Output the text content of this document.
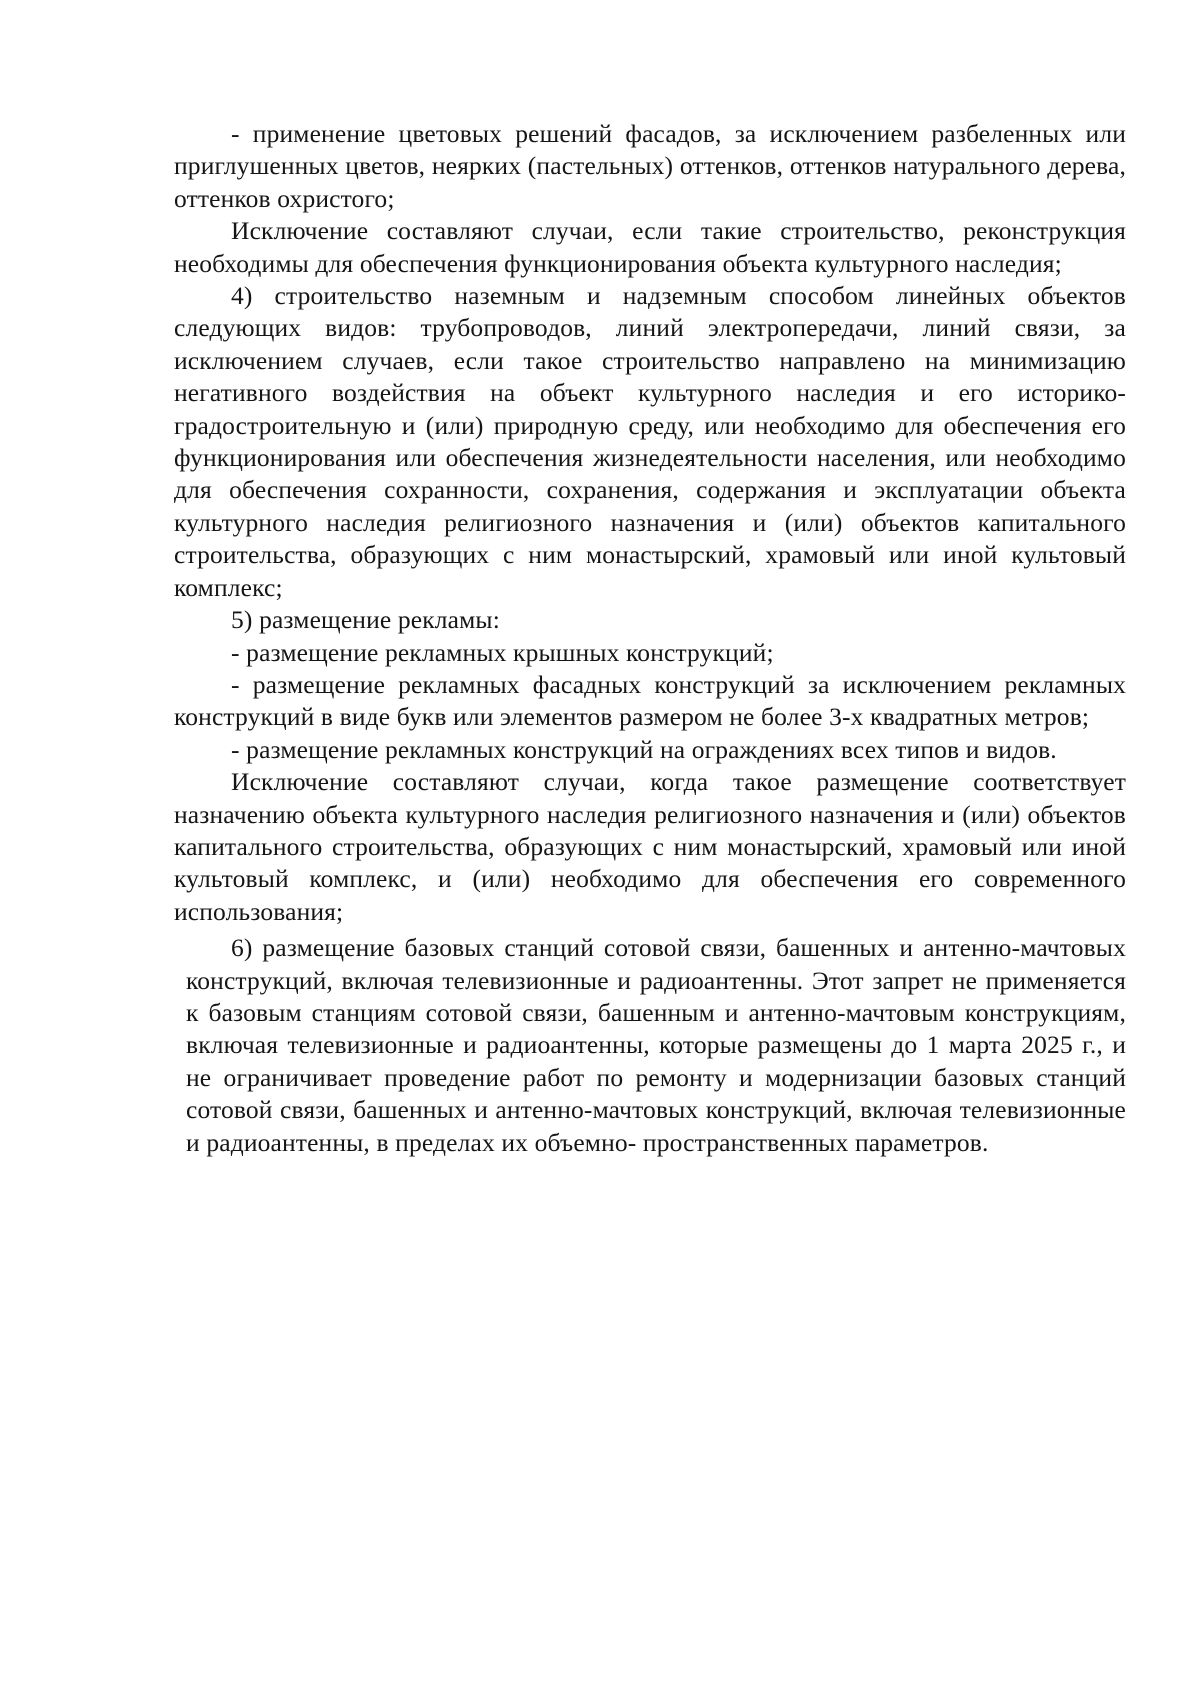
- применение цветовых решений фасадов, за исключением разбеленных или приглушенных цветов, неярких (пастельных) оттенков, оттенков натурального дерева, оттенков охристого;

Исключение составляют случаи, если такие строительство, реконструкция необходимы для обеспечения функционирования объекта культурного наследия;

4) строительство наземным и надземным способом линейных объектов следующих видов: трубопроводов, линий электропередачи, линий связи, за исключением случаев, если такое строительство направлено на минимизацию негативного воздействия на объект культурного наследия и его историко-градостроительную и (или) природную среду, или необходимо для обеспечения его функционирования или обеспечения жизнедеятельности населения, или необходимо для обеспечения сохранности, сохранения, содержания и эксплуатации объекта культурного наследия религиозного назначения и (или) объектов капитального строительства, образующих с ним монастырский, храмовый или иной культовый комплекс;

5) размещение рекламы:

- размещение рекламных крышных конструкций;

- размещение рекламных фасадных конструкций за исключением рекламных конструкций в виде букв или элементов размером не более 3-х квадратных метров;

- размещение рекламных конструкций на ограждениях всех типов и видов.

Исключение составляют случаи, когда такое размещение соответствует назначению объекта культурного наследия религиозного назначения и (или) объектов капитального строительства, образующих с ним монастырский, храмовый или иной культовый комплекс, и (или) необходимо для обеспечения его современного использования;

6) размещение базовых станций сотовой связи, башенных и антенно-мачтовых конструкций, включая телевизионные и радиоантенны. Этот запрет не применяется к базовым станциям сотовой связи, башенным и антенно-мачтовым конструкциям, включая телевизионные и радиоантенны, которые размещены до 1 марта 2025 г., и не ограничивает проведение работ по ремонту и модернизации базовых станций сотовой связи, башенных и антенно-мачтовых конструкций, включая телевизионные и радиоантенны, в пределах их объемно- пространственных параметров.
